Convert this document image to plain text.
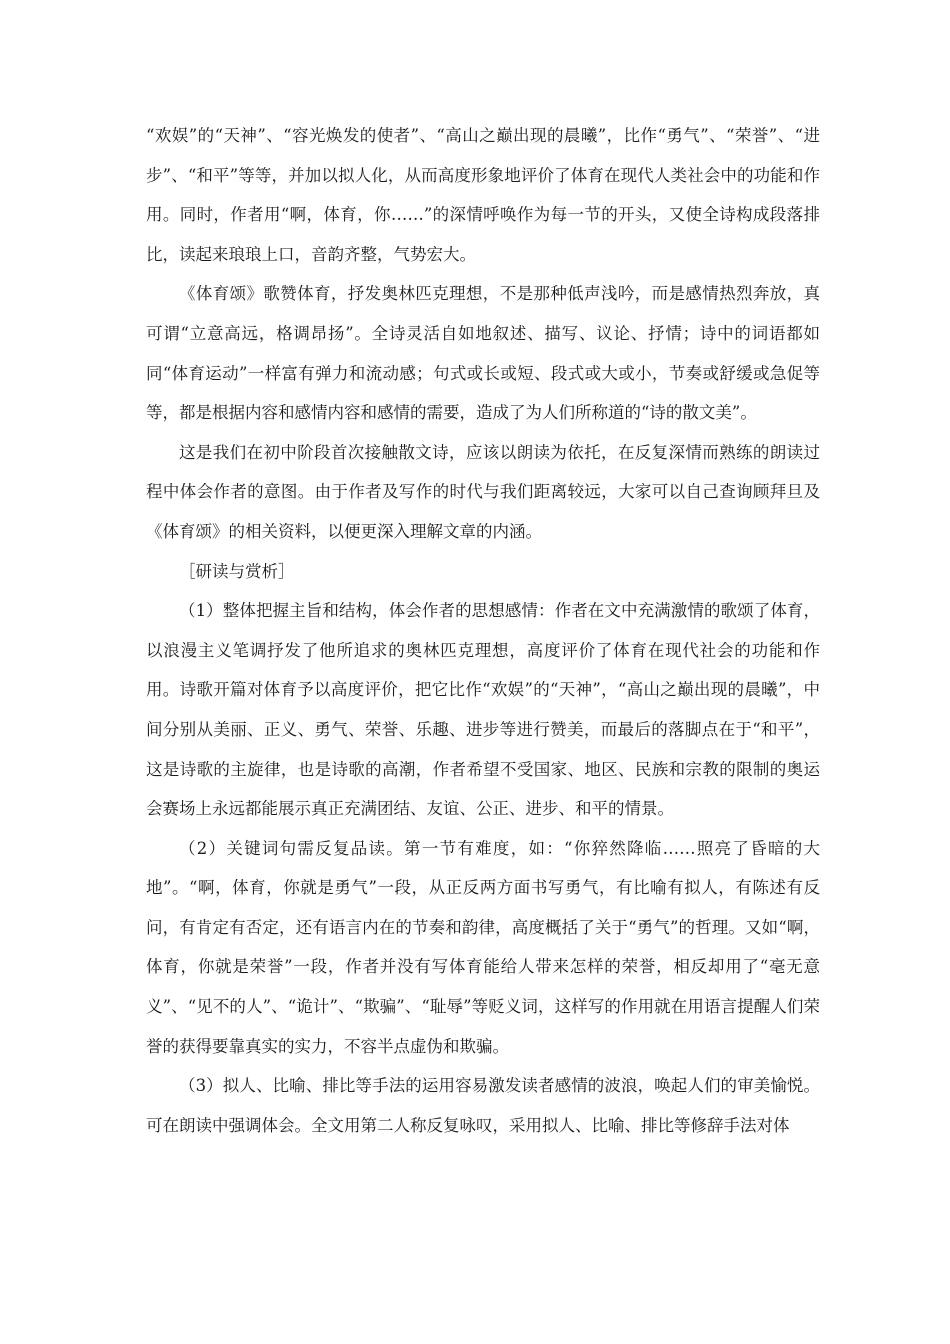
“欢娱”的“天神”、“容光焕发的使者”、“高山之巅出现的晨曦”，比作“勇气”、“荣誉”、“进步”、“和平”等等，并加以拟人化，从而高度形象地评价了体育在现代人类社会中的功能和作用。同时，作者用“啊，体育，你……”的深情呼唤作为每一节的开头，又使全诗构成段落排比，读起来琅琅上口，音韵齐整，气势宏大。

《体育颂》歌赞体育，抒发奥林匹克理想，不是那种低声浅吟，而是感情热烈奔放，真可谓“立意高远，格调昂扬”。全诗灵活自如地叙述、描写、议论、抒情；诗中的词语都如同“体育运动”一样富有弹力和流动感；句式或长或短、段式或大或小，节奏或舒缓或急促等等，都是根据内容和感情内容和感情的需要，造成了为人们所称道的“诗的散文美”。

这是我们在初中阶段首次接触散文诗，应该以朗读为依托，在反复深情而熟练的朗读过程中体会作者的意图。由于作者及写作的时代与我们距离较远，大家可以自己查询顾拜旦及《体育颂》的相关资料，以便更深入理解文章的内涵。

［研读与赏析］

（1）整体把握主旨和结构，体会作者的思想感情：作者在文中充满激情的歌颂了体育，以浪漫主义笔调抒发了他所追求的奥林匹克理想，高度评价了体育在现代社会的功能和作用。诗歌开篇对体育予以高度评价，把它比作“欢娱”的“天神”，“高山之巅出现的晨曦”，中间分别从美丽、正义、勇气、荣誉、乐趣、进步等进行赞美，而最后的落脚点在于“和平”，这是诗歌的主旋律，也是诗歌的高潮，作者希望不受国家、地区、民族和宗教的限制的奥运会赛场上永远都能展示真正充满团结、友谊、公正、进步、和平的情景。

（2）关键词句需反复品读。第一节有难度，如：“你猝然降临……照亮了昏暗的大地”。“啊，体育，你就是勇气”一段，从正反两方面书写勇气，有比喻有拟人，有陈述有反问，有肯定有否定，还有语言内在的节奏和韵律，高度概括了关于“勇气”的哲理。又如“啊，体育，你就是荣誉”一段，作者并没有写体育能给人带来怎样的荣誉，相反却用了“毫无意义”、“见不的人”、“诡计”、“欺骗”、“耻辱”等贬义词，这样写的作用就在用语言提醒人们荣誉的获得要靠真实的实力，不容半点虚伪和欺骗。

（3）拟人、比喻、排比等手法的运用容易激发读者感情的波浪，唤起人们的审美愉悦。可在朗读中强调体会。全文用第二人称反复咏叹，采用拟人、比喻、排比等修辞手法对体
